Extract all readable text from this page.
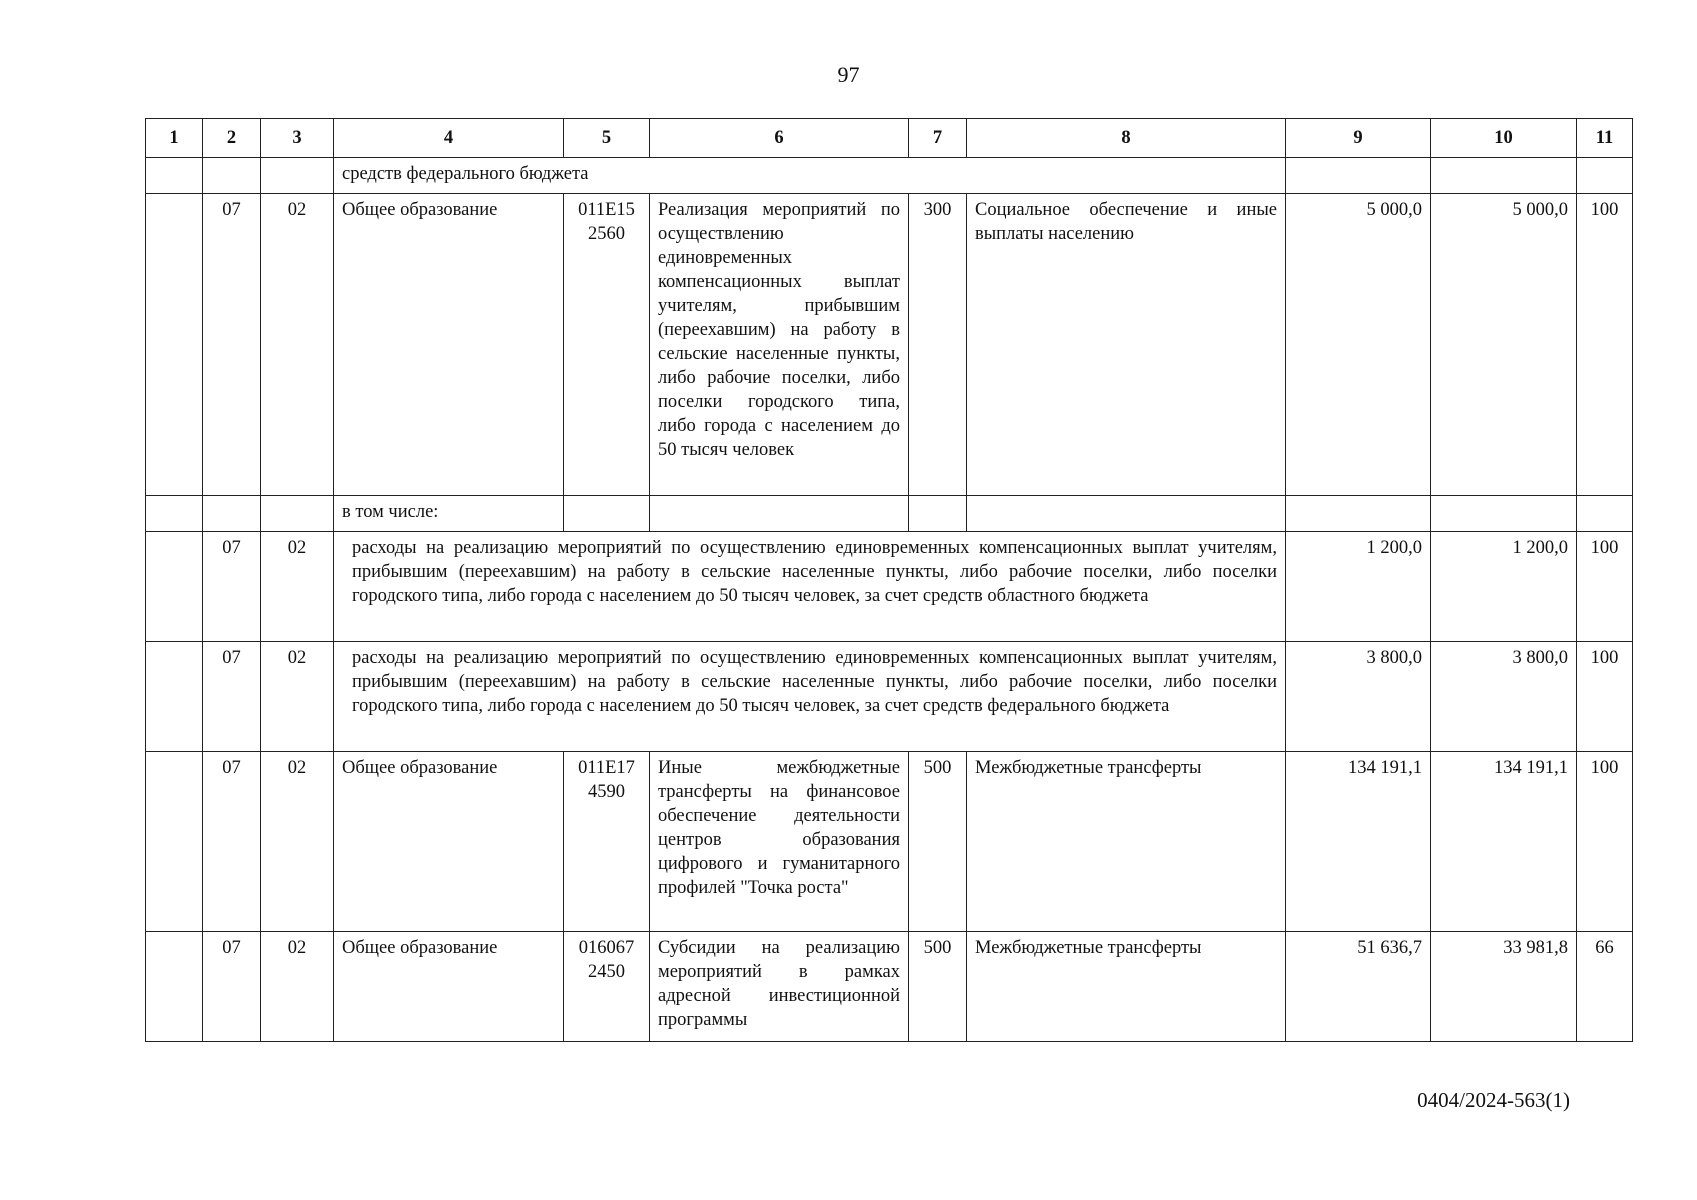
97
1	2	3	4	5	6	7	8	9	10	11
			средств федерального бюджета							
	07	02	Общее образование	011Е15 2560	Реализация мероприятий по осуществлению единовременных компенсационных выплат учителям, прибывшим (переехавшим) на работу в сельские населенные пункты, либо рабочие поселки, либо поселки городского типа, либо города с населением до 50 тысяч человек	300	Социальное обеспечение и иные выплаты населению	5 000,0	5 000,0	100
			в том числе:							
	07	02	расходы на реализацию мероприятий по осуществлению единовременных компенсационных выплат учителям, прибывшим (переехавшим) на работу в сельские населенные пункты, либо рабочие поселки, либо поселки городского типа, либо города с населением до 50 тысяч человек, за счет средств областного бюджета					1 200,0	1 200,0	100
	07	02	расходы на реализацию мероприятий по осуществлению единовременных компенсационных выплат учителям, прибывшим (переехавшим) на работу в сельские населенные пункты, либо рабочие поселки, либо поселки городского типа, либо города с населением до 50 тысяч человек, за счет средств федерального бюджета					3 800,0	3 800,0	100
	07	02	Общее образование	011Е17 4590	Иные межбюджетные трансферты на финансовое обеспечение деятельности центров образования цифрового и гуманитарного профилей "Точка роста"	500	Межбюджетные трансферты	134 191,1	134 191,1	100
	07	02	Общее образование	016067 2450	Субсидии на реализацию мероприятий в рамках адресной инвестиционной программы	500	Межбюджетные трансферты	51 636,7	33 981,8	66
0404/2024-563(1)
